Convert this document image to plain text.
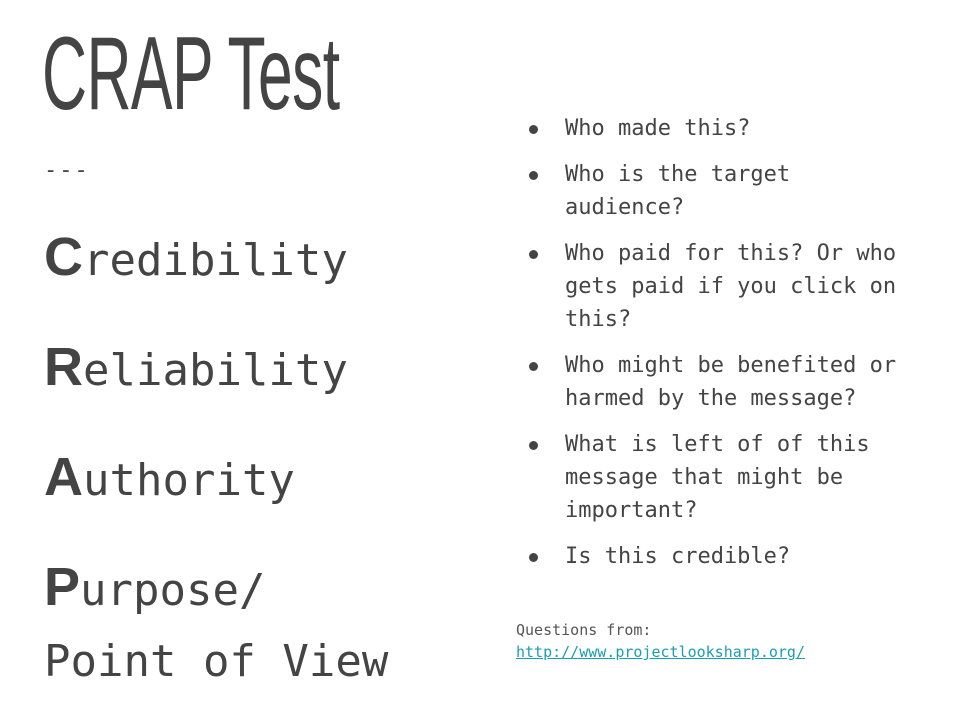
CRAP Test
---
Credibility
Reliability
Authority
Purpose/
Point of View
Who made this?
Who is the target audience?
Who paid for this? Or who gets paid if you click on this?
Who might be benefited or harmed by the message?
What is left of of this message that might be important?
Is this credible?
Questions from:
http://www.projectlooksharp.org/
